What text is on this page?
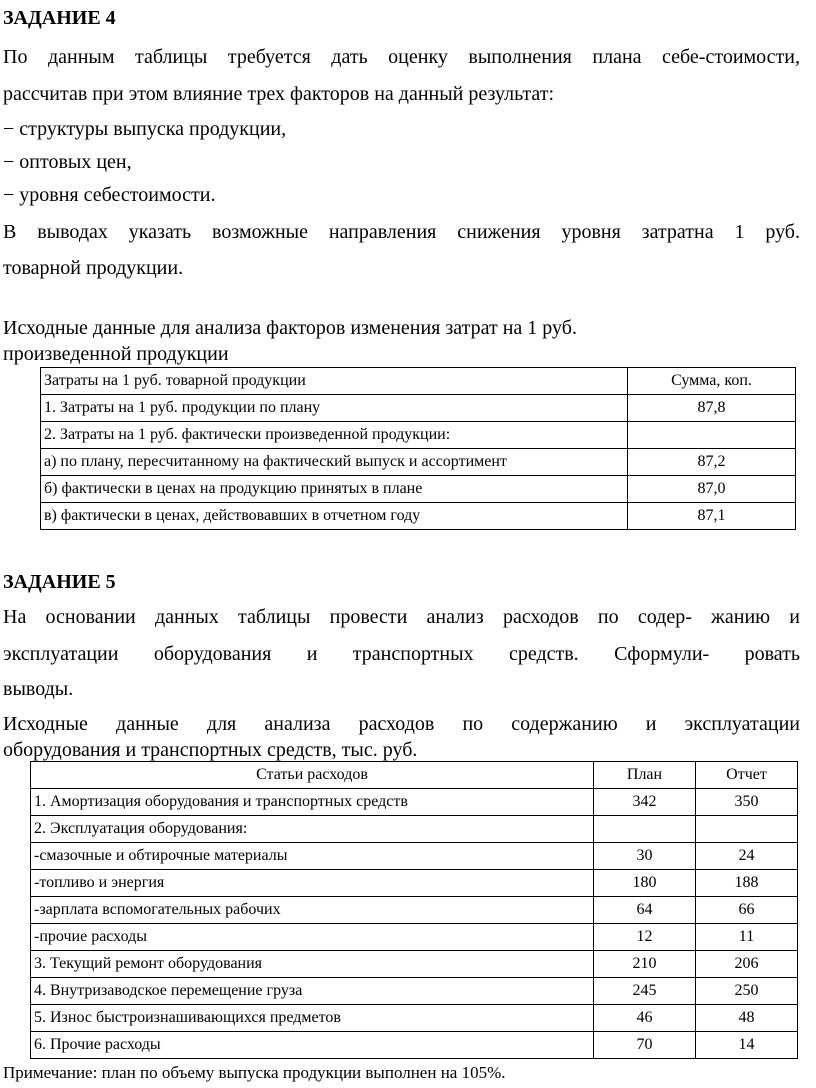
ЗАДАНИЕ 4
По данным таблицы требуется дать оценку выполнения плана себе-стоимости,
рассчитав при этом влияние трех факторов на данный результат:
− структуры выпуска продукции,
− оптовых цен,
− уровня себестоимости.
В выводах указать возможные направления снижения уровня затратна 1 руб.
товарной продукции.
Исходные данные для анализа факторов изменения затрат на 1 руб.
произведенной продукции
Затраты на 1 руб. товарной продукции	Сумма, коп.
1. Затраты на 1 руб. продукции по плану	87,8
2. Затраты на 1 руб. фактически произведенной продукции:	
а) по плану, пересчитанному на фактический выпуск и ассортимент	87,2
б) фактически в ценах на продукцию принятых в плане	87,0
в) фактически в ценах, действовавших в отчетном году	87,1
ЗАДАНИЕ 5
На основании данных таблицы провести анализ расходов по содер- жанию и
эксплуатации оборудования и транспортных средств. Сформули- ровать
выводы.
Исходные данные для анализа расходов по содержанию и эксплуатации
оборудования и транспортных средств, тыс. руб.
Статьи расходов	План	Отчет
1. Амортизация оборудования и транспортных средств	342	350
2. Эксплуатация оборудования:		
-смазочные и обтирочные материалы	30	24
-топливо и энергия	180	188
-зарплата вспомогательных рабочих	64	66
-прочие расходы	12	11
3. Текущий ремонт оборудования	210	206
4. Внутризаводское перемещение груза	245	250
5. Износ быстроизнашивающихся предметов	46	48
6. Прочие расходы	70	14
Примечание: план по объему выпуска продукции выполнен на 105%.
